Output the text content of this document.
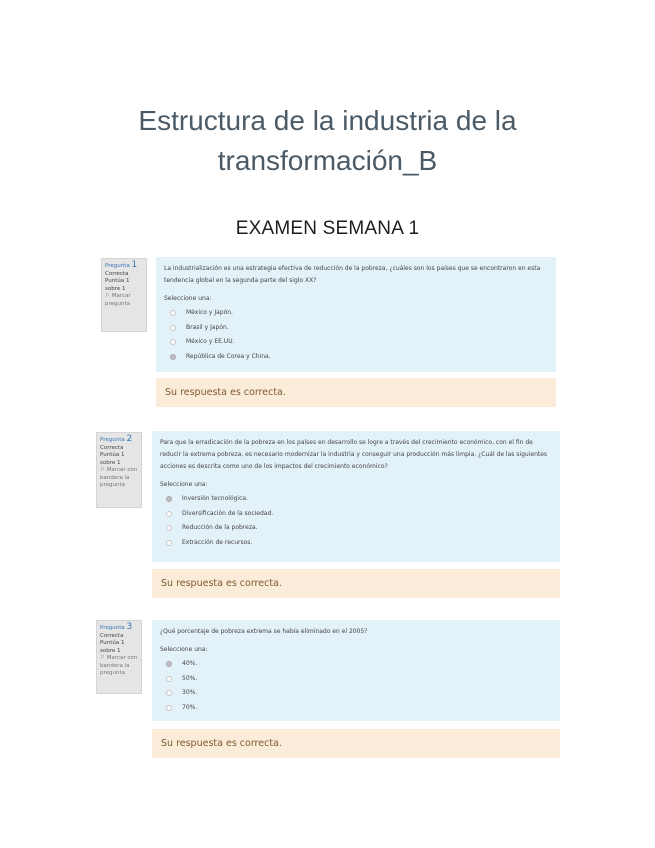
Estructura de la industria de la
transformación_B
EXAMEN SEMANA 1
Pregunta 1
Correcta
Puntúa 1 sobre 1
⚐ Marcar pregunta

La industrialización es una estrategia efectiva de reducción de la pobreza, ¿cuáles son los países que se encontraron en esta tendencia global en la segunda parte del siglo XX?

Seleccione una:

México y Japón.
Brasil y Japón.
México y EE.UU.
República de Corea y China.
Su respuesta es correcta.
Pregunta 2
Correcta
Puntúa 1 sobre 1
⚐ Marcar con bandera la pregunta

Para que la erradicación de la pobreza en los países en desarrollo se logre a través del crecimiento económico, con el fin de reducir la extrema pobreza, es necesario modernizar la industria y conseguir una producción más limpia. ¿Cuál de las siguientes acciones es descrita como uno de los impactos del crecimiento económico?

Seleccione una:

Inversión tecnológica.
Diversificación de la sociedad.
Reducción de la pobreza.
Extracción de recursos.
Su respuesta es correcta.
Pregunta 3
Correcta
Puntúa 1 sobre 1
⚐ Marcar con bandera la pregunta

¿Qué porcentaje de pobreza extrema se había eliminado en el 2005?

Seleccione una:

40%.
50%.
30%.
70%.
Su respuesta es correcta.
